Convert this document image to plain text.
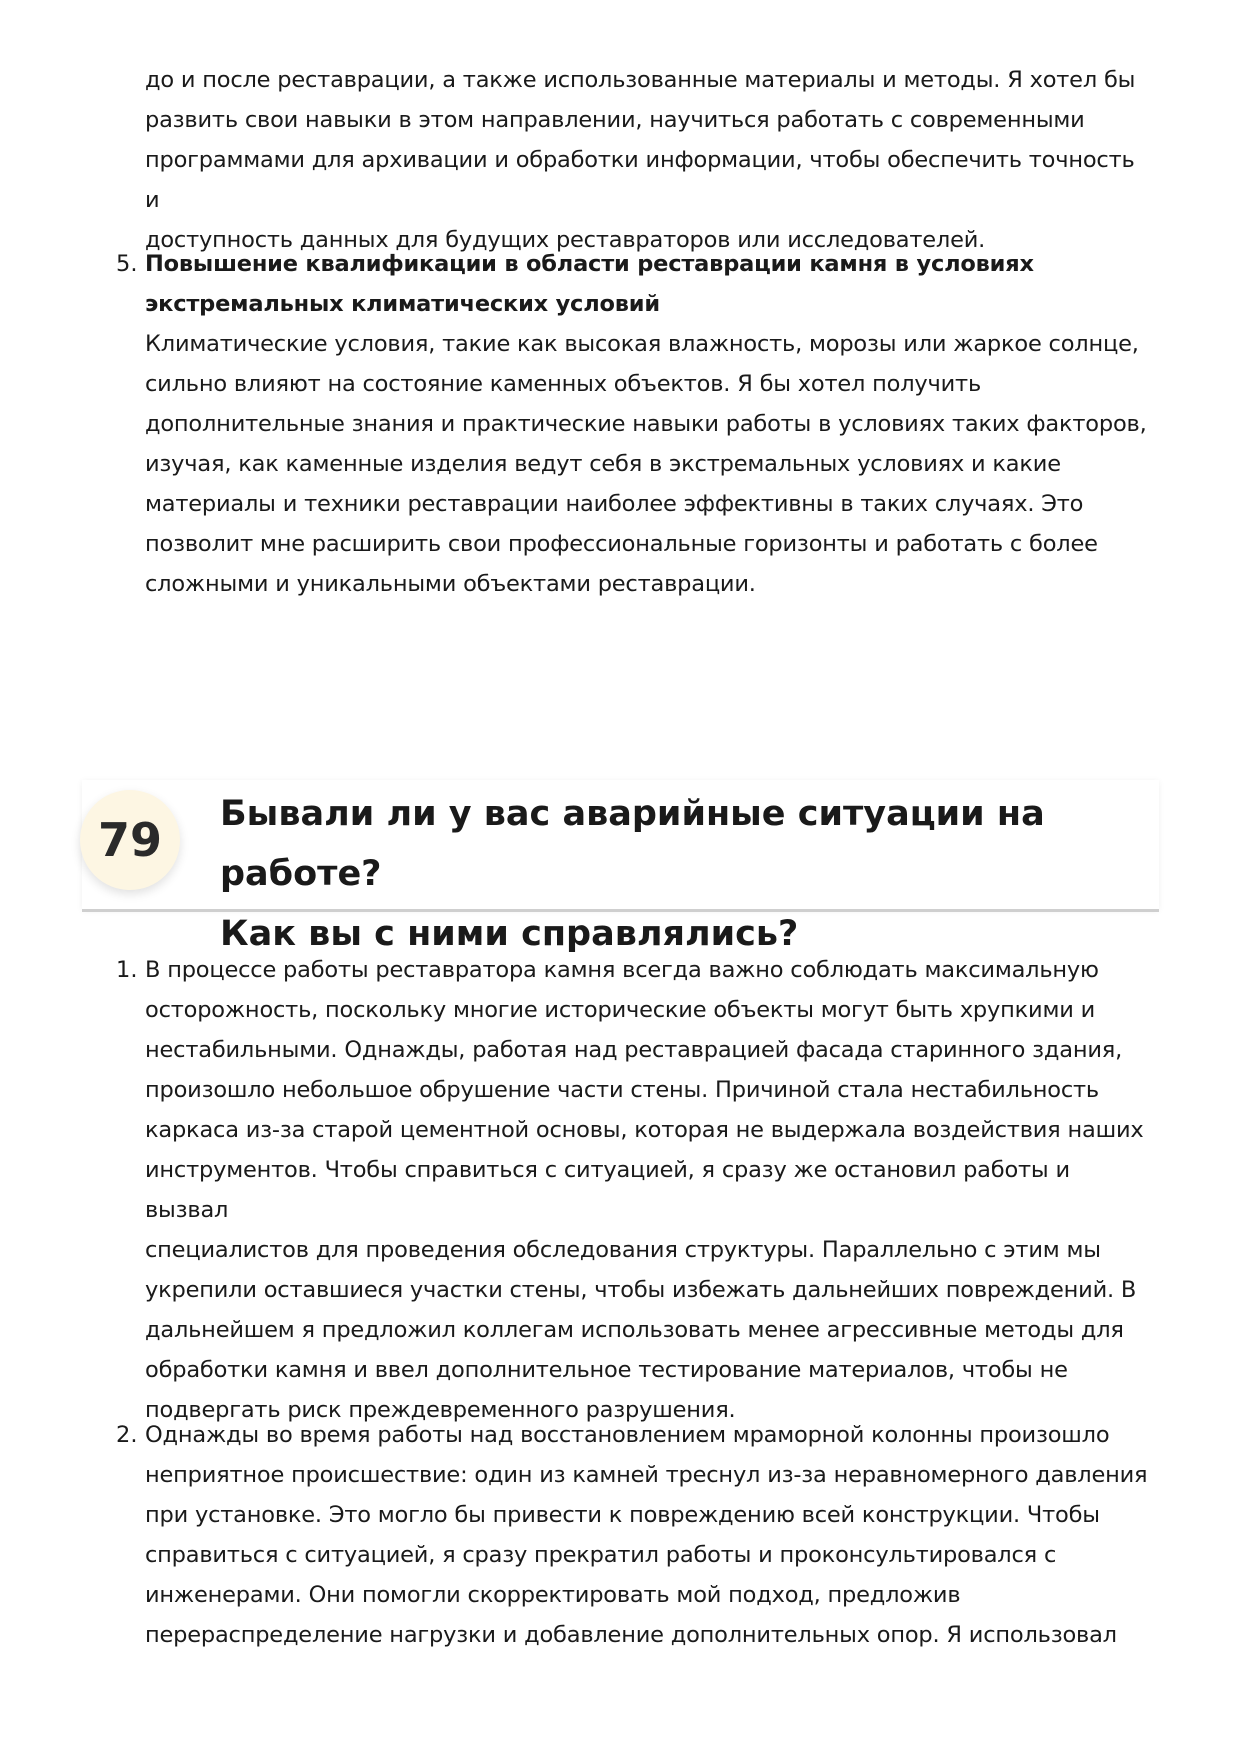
до и после реставрации, а также использованные материалы и методы. Я хотел бы

развить свои навыки в этом направлении, научиться работать с современными

программами для архивации и обработки информации, чтобы обеспечить точность и

доступность данных для будущих реставраторов или исследователей.

5. Повышение квалификации в области реставрации камня в условиях

экстремальных климатических условий

Климатические условия, такие как высокая влажность, морозы или жаркое солнце,

сильно влияют на состояние каменных объектов. Я бы хотел получить

дополнительные знания и практические навыки работы в условиях таких факторов,

изучая, как каменные изделия ведут себя в экстремальных условиях и какие

материалы и техники реставрации наиболее эффективны в таких случаях. Это

позволит мне расширить свои профессиональные горизонты и работать с более

сложными и уникальными объектами реставрации.

79	Бывали ли у вас аварийные ситуации на работе?
Как вы с ними справлялись?
1. В процессе работы реставратора камня всегда важно соблюдать максимальную

осторожность, поскольку многие исторические объекты могут быть хрупкими и

нестабильными. Однажды, работая над реставрацией фасада старинного здания,

произошло небольшое обрушение части стены. Причиной стала нестабильность

каркаса из-за старой цементной основы, которая не выдержала воздействия наших

инструментов. Чтобы справиться с ситуацией, я сразу же остановил работы и вызвал

специалистов для проведения обследования структуры. Параллельно с этим мы

укрепили оставшиеся участки стены, чтобы избежать дальнейших повреждений. В

дальнейшем я предложил коллегам использовать менее агрессивные методы для

обработки камня и ввел дополнительное тестирование материалов, чтобы не

подвергать риск преждевременного разрушения.

2. Однажды во время работы над восстановлением мраморной колонны произошло

неприятное происшествие: один из камней треснул из-за неравномерного давления

при установке. Это могло бы привести к повреждению всей конструкции. Чтобы

справиться с ситуацией, я сразу прекратил работы и проконсультировался с

инженерами. Они помогли скорректировать мой подход, предложив

перераспределение нагрузки и добавление дополнительных опор. Я использовал
